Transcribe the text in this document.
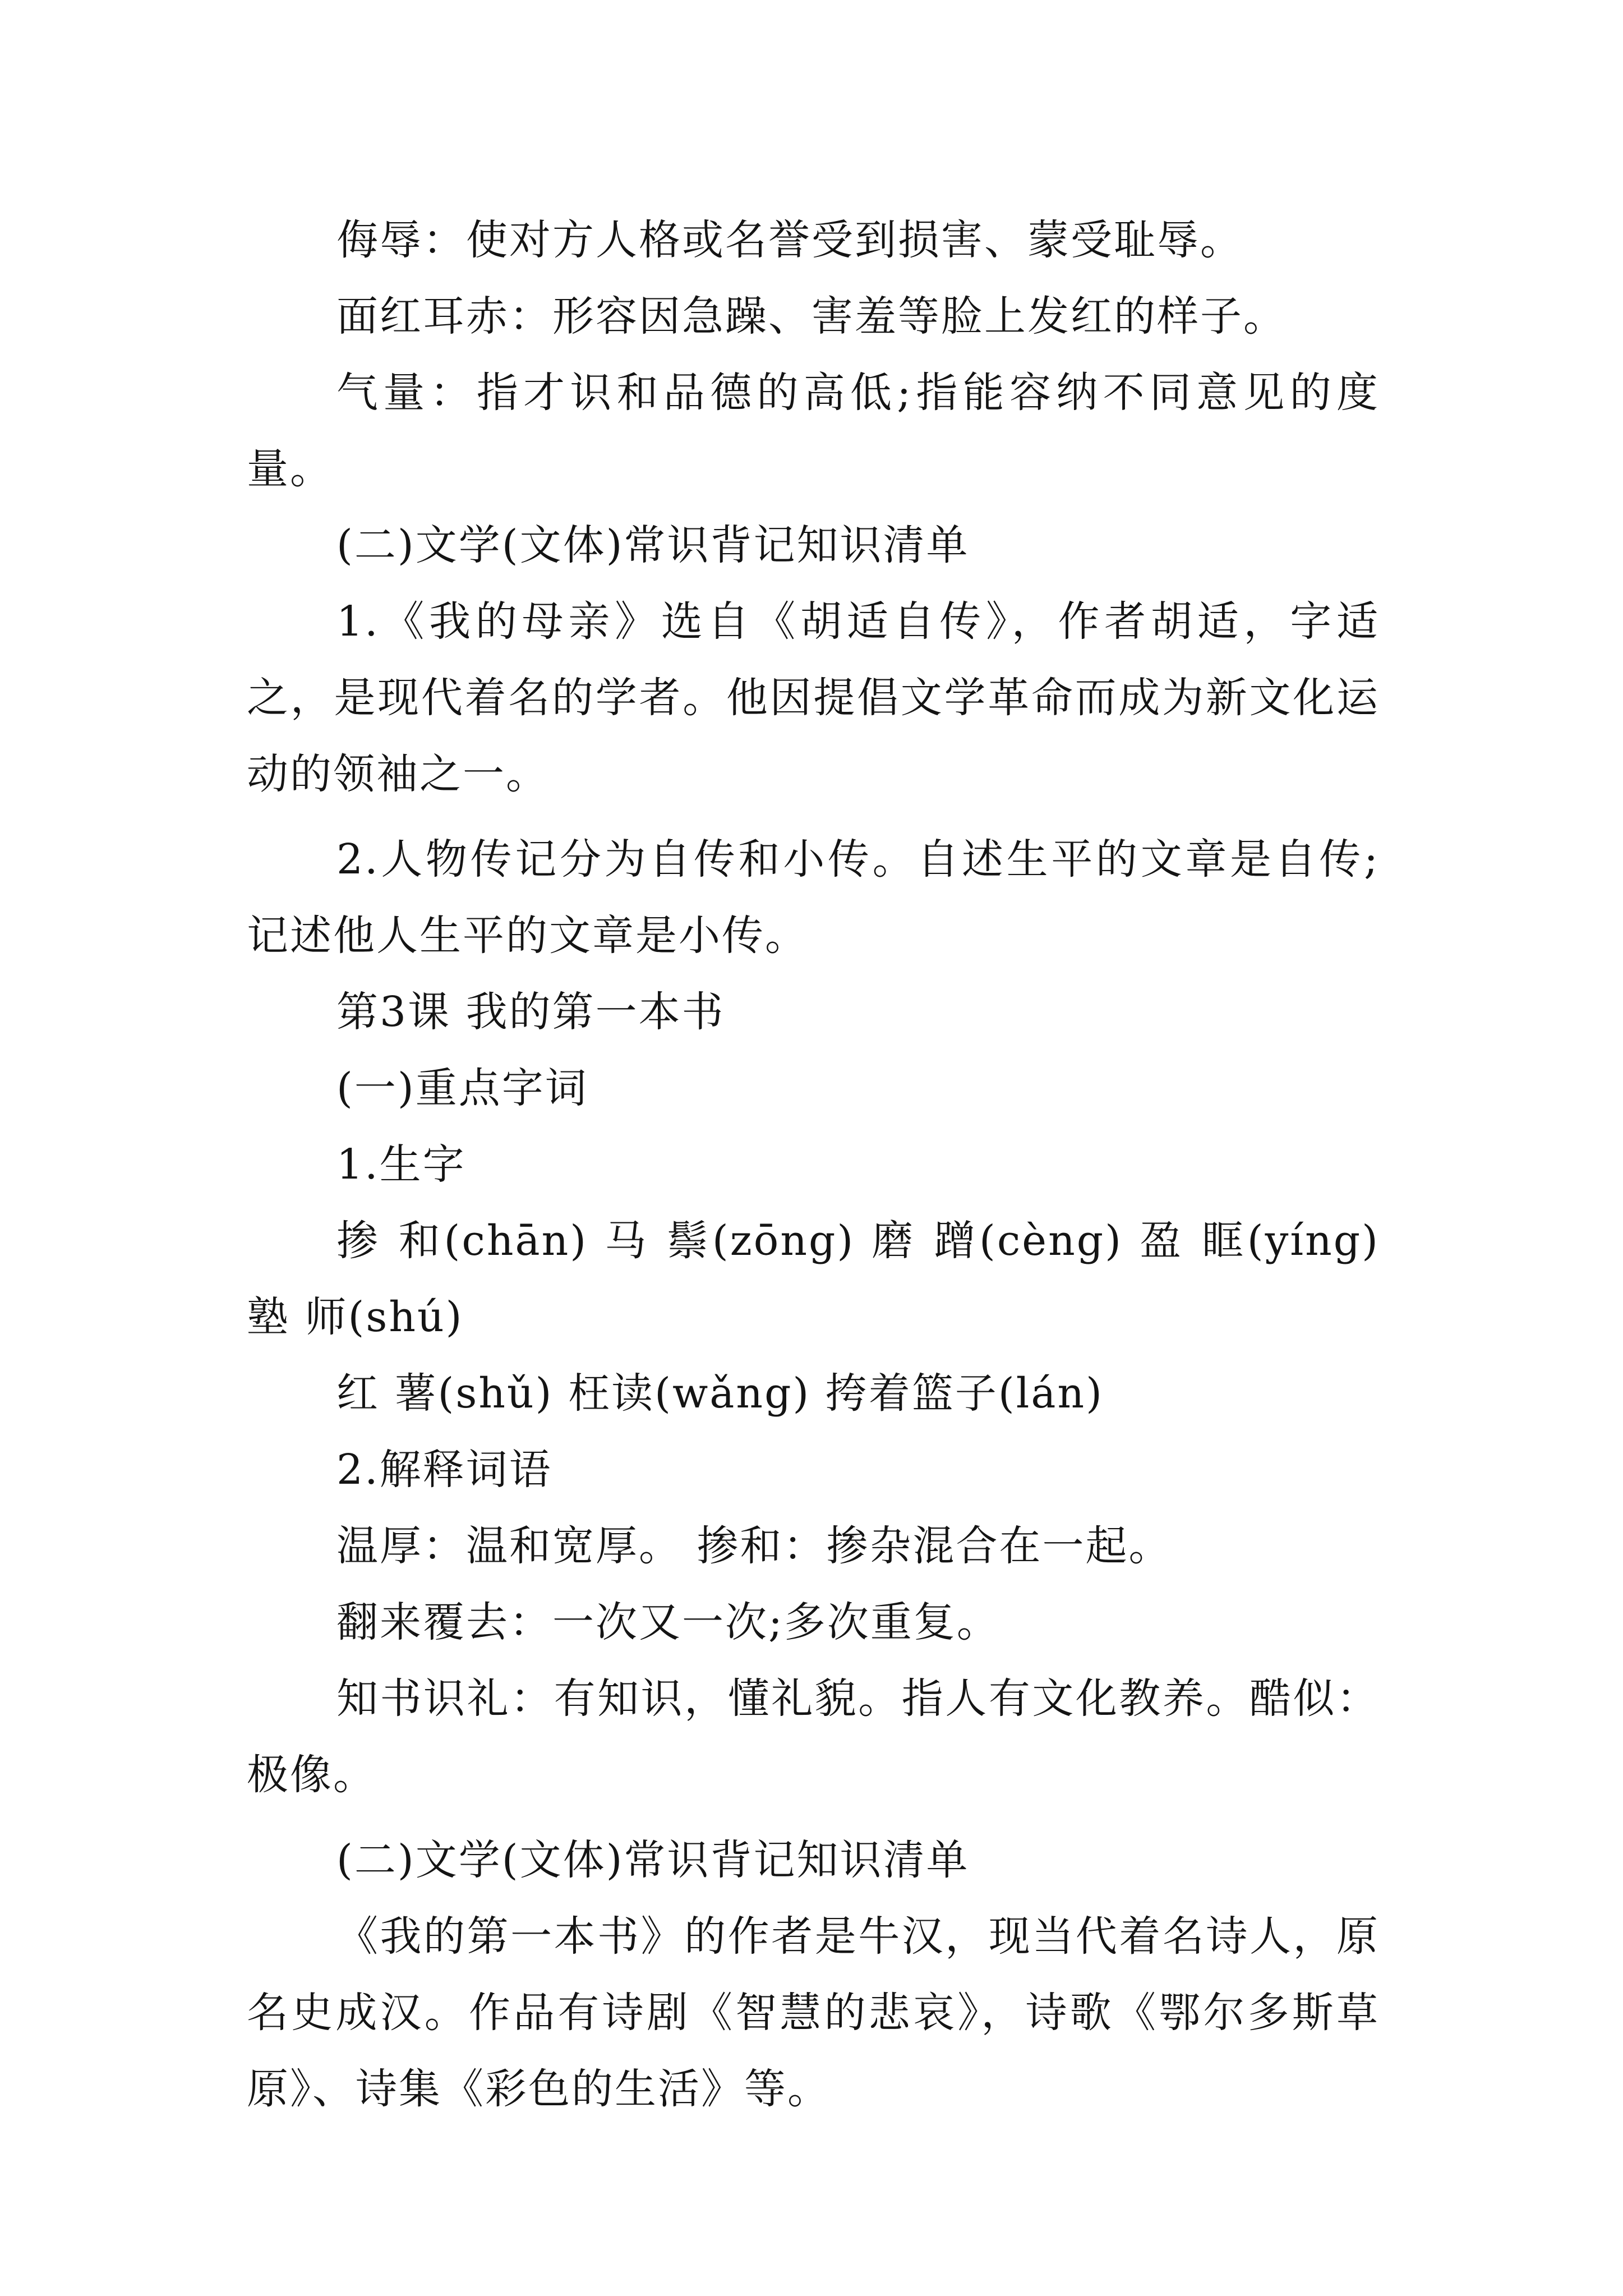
侮辱：使对方人格或名誉受到损害、蒙受耻辱。

面红耳赤：形容因急躁、害羞等脸上发红的样子。

气量：指才识和品德的高低;指能容纳不同意见的度量。

(二)文学(文体)常识背记知识清单

1.《我的母亲》选自《胡适自传》，作者胡适，字适之，是现代着名的学者。他因提倡文学革命而成为新文化运动的领袖之一。

2.人物传记分为自传和小传。自述生平的文章是自传;记述他人生平的文章是小传。

第3课 我的第一本书

(一)重点字词

1.生字

掺 和(chān) 马 鬃(zōng) 磨 蹭(cèng) 盈 眶(yíng) 塾 师(shú)

红 薯(shǔ) 枉读(wǎng) 挎着篮子(lán)

2.解释词语

温厚：温和宽厚。 掺和：掺杂混合在一起。

翻来覆去：一次又一次;多次重复。

知书识礼：有知识，懂礼貌。指人有文化教养。酷似：极像。

(二)文学(文体)常识背记知识清单

《我的第一本书》的作者是牛汉，现当代着名诗人，原名史成汉。作品有诗剧《智慧的悲哀》，诗歌《鄂尔多斯草原》、诗集《彩色的生活》等。
